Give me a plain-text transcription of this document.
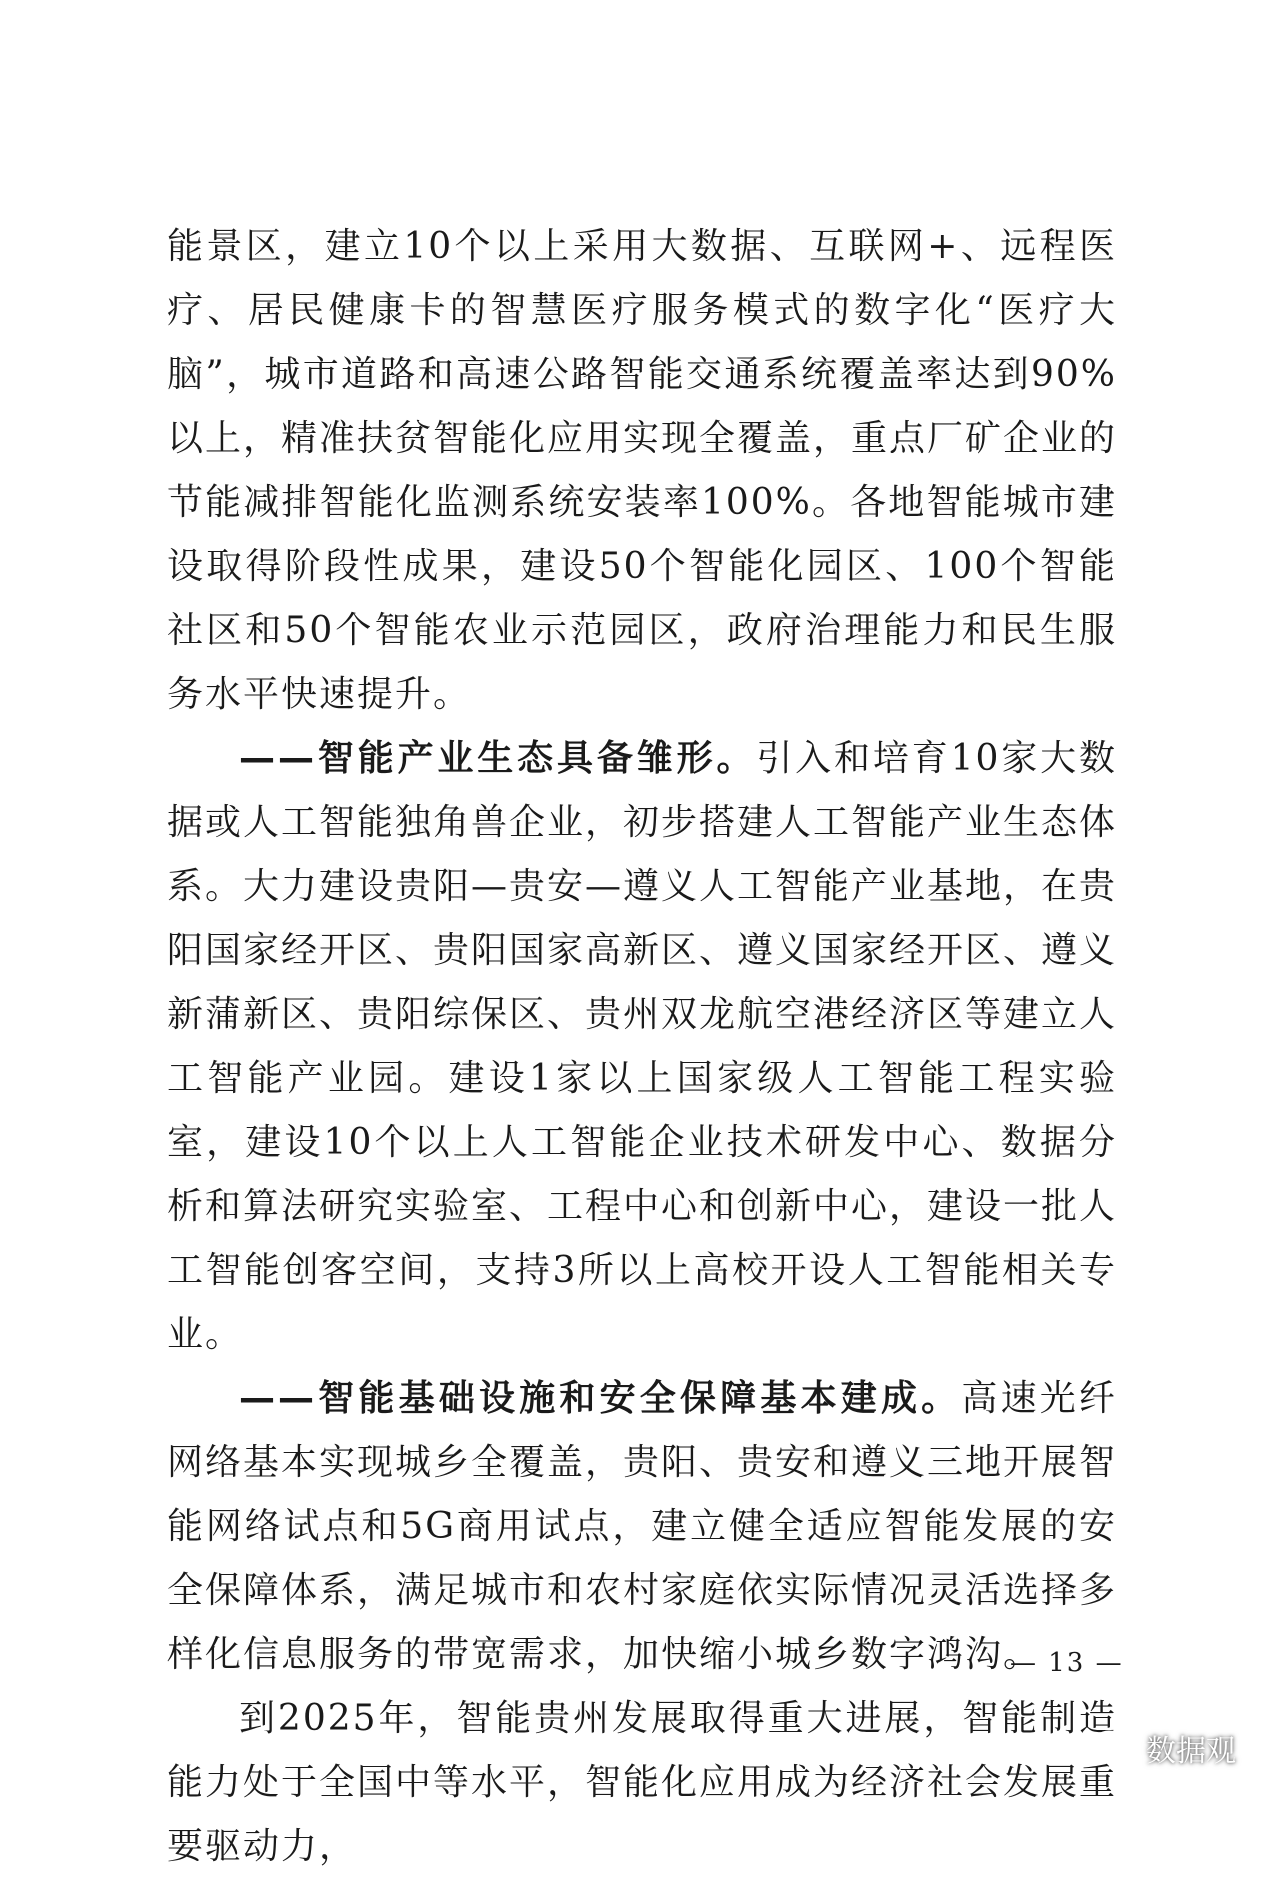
能景区，建立10个以上采用大数据、互联网+、远程医疗、居民健康卡的智慧医疗服务模式的数字化“医疗大脑”，城市道路和高速公路智能交通系统覆盖率达到90%以上，精准扶贫智能化应用实现全覆盖，重点厂矿企业的节能减排智能化监测系统安装率100%。各地智能城市建设取得阶段性成果，建设50个智能化园区、100个智能社区和50个智能农业示范园区，政府治理能力和民生服务水平快速提升。

——智能产业生态具备雏形。引入和培育10家大数据或人工智能独角兽企业，初步搭建人工智能产业生态体系。大力建设贵阳—贵安—遵义人工智能产业基地，在贵阳国家经开区、贵阳国家高新区、遵义国家经开区、遵义新蒲新区、贵阳综保区、贵州双龙航空港经济区等建立人工智能产业园。建设1家以上国家级人工智能工程实验室，建设10个以上人工智能企业技术研发中心、数据分析和算法研究实验室、工程中心和创新中心，建设一批人工智能创客空间，支持3所以上高校开设人工智能相关专业。

——智能基础设施和安全保障基本建成。高速光纤网络基本实现城乡全覆盖，贵阳、贵安和遵义三地开展智能网络试点和5G商用试点，建立健全适应智能发展的安全保障体系，满足城市和农村家庭依实际情况灵活选择多样化信息服务的带宽需求，加快缩小城乡数字鸿沟。

到2025年，智能贵州发展取得重大进展，智能制造能力处于全国中等水平，智能化应用成为经济社会发展重要驱动力，

— 13 —
数据观
